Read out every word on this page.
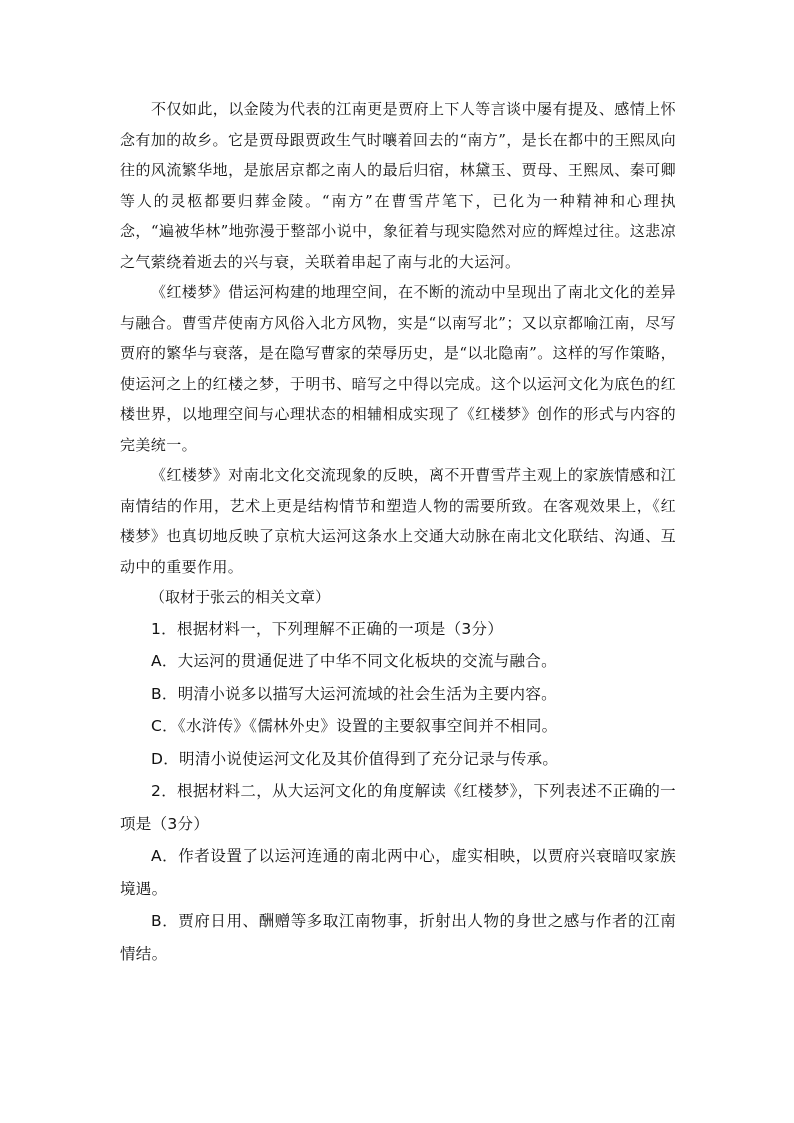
不仅如此，以金陵为代表的江南更是贾府上下人等言谈中屡有提及、感情上怀念有加的故乡。它是贾母跟贾政生气时嚷着回去的“南方”，是长在都中的王熙凤向往的风流繁华地，是旅居京都之南人的最后归宿，林黛玉、贾母、王熙凤、秦可卿等人的灵柩都要归葬金陵。“南方”在曹雪芹笔下，已化为一种精神和心理执念，“遍被华林”地弥漫于整部小说中，象征着与现实隐然对应的辉煌过往。这悲凉之气萦绕着逝去的兴与衰，关联着串起了南与北的大运河。

《红楼梦》借运河构建的地理空间，在不断的流动中呈现出了南北文化的差异与融合。曹雪芹使南方风俗入北方风物，实是“以南写北”；又以京都喻江南，尽写贾府的繁华与衰落，是在隐写曹家的荣辱历史，是“以北隐南”。这样的写作策略，使运河之上的红楼之梦，于明书、暗写之中得以完成。这个以运河文化为底色的红楼世界，以地理空间与心理状态的相辅相成实现了《红楼梦》创作的形式与内容的完美统一。

《红楼梦》对南北文化交流现象的反映，离不开曹雪芹主观上的家族情感和江南情结的作用，艺术上更是结构情节和塑造人物的需要所致。在客观效果上，《红楼梦》也真切地反映了京杭大运河这条水上交通大动脉在南北文化联结、沟通、互动中的重要作用。

（取材于张云的相关文章）

1．根据材料一，下列理解不正确的一项是（3分）

A．大运河的贯通促进了中华不同文化板块的交流与融合。

B．明清小说多以描写大运河流域的社会生活为主要内容。

C．《水浒传》《儒林外史》设置的主要叙事空间并不相同。

D．明清小说使运河文化及其价值得到了充分记录与传承。

2．根据材料二，从大运河文化的角度解读《红楼梦》，下列表述不正确的一项是（3分）

A．作者设置了以运河连通的南北两中心，虚实相映，以贾府兴衰暗叹家族境遇。

B．贾府日用、酬赠等多取江南物事，折射出人物的身世之感与作者的江南情结。
